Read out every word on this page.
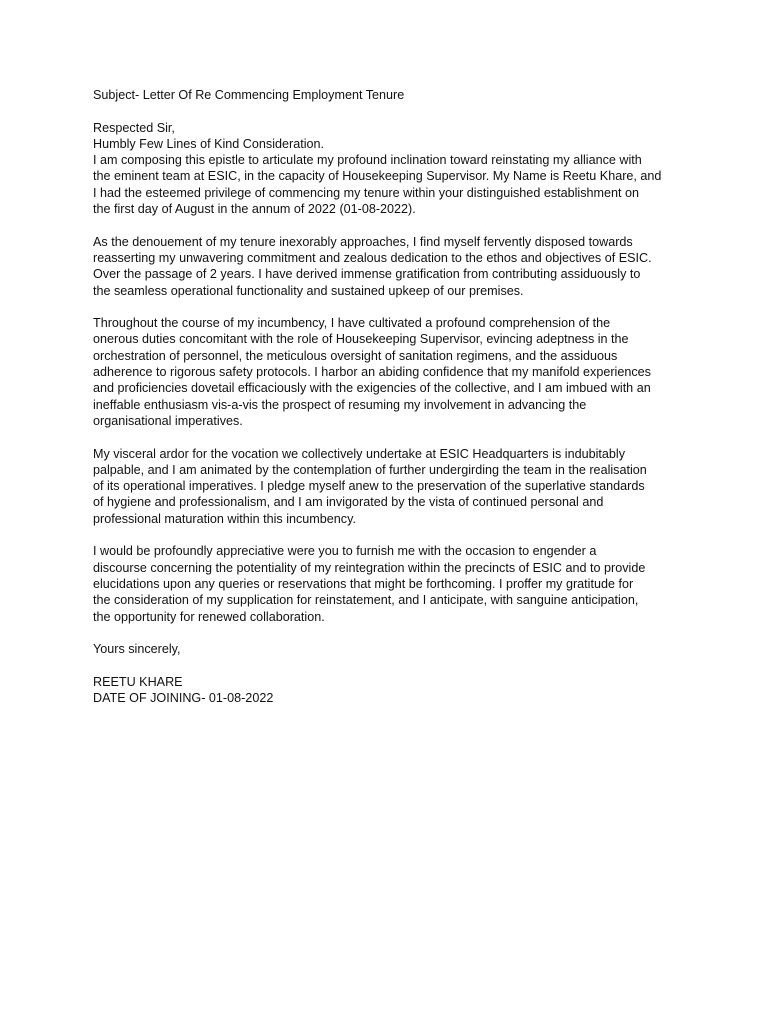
Subject- Letter Of Re Commencing Employment Tenure
Respected Sir,
Humbly Few Lines of Kind Consideration.
I am composing this epistle to articulate my profound inclination toward reinstating my alliance with
the eminent team at ESIC, in the capacity of Housekeeping Supervisor. My Name is Reetu Khare, and
I had the esteemed privilege of commencing my tenure within your distinguished establishment on
the first day of August in the annum of 2022 (01-08-2022).
As the denouement of my tenure inexorably approaches, I find myself fervently disposed towards
reasserting my unwavering commitment and zealous dedication to the ethos and objectives of ESIC.
Over the passage of 2 years. I have derived immense gratification from contributing assiduously to
the seamless operational functionality and sustained upkeep of our premises.
Throughout the course of my incumbency, I have cultivated a profound comprehension of the
onerous duties concomitant with the role of Housekeeping Supervisor, evincing adeptness in the
orchestration of personnel, the meticulous oversight of sanitation regimens, and the assiduous
adherence to rigorous safety protocols. I harbor an abiding confidence that my manifold experiences
and proficiencies dovetail efficaciously with the exigencies of the collective, and I am imbued with an
ineffable enthusiasm vis-a-vis the prospect of resuming my involvement in advancing the
organisational imperatives.
My visceral ardor for the vocation we collectively undertake at ESIC Headquarters is indubitably
palpable, and I am animated by the contemplation of further undergirding the team in the realisation
of its operational imperatives. I pledge myself anew to the preservation of the superlative standards
of hygiene and professionalism, and I am invigorated by the vista of continued personal and
professional maturation within this incumbency.
I would be profoundly appreciative were you to furnish me with the occasion to engender a
discourse concerning the potentiality of my reintegration within the precincts of ESIC and to provide
elucidations upon any queries or reservations that might be forthcoming. I proffer my gratitude for
the consideration of my supplication for reinstatement, and I anticipate, with sanguine anticipation,
the opportunity for renewed collaboration.
Yours sincerely,
REETU KHARE
DATE OF JOINING- 01-08-2022
